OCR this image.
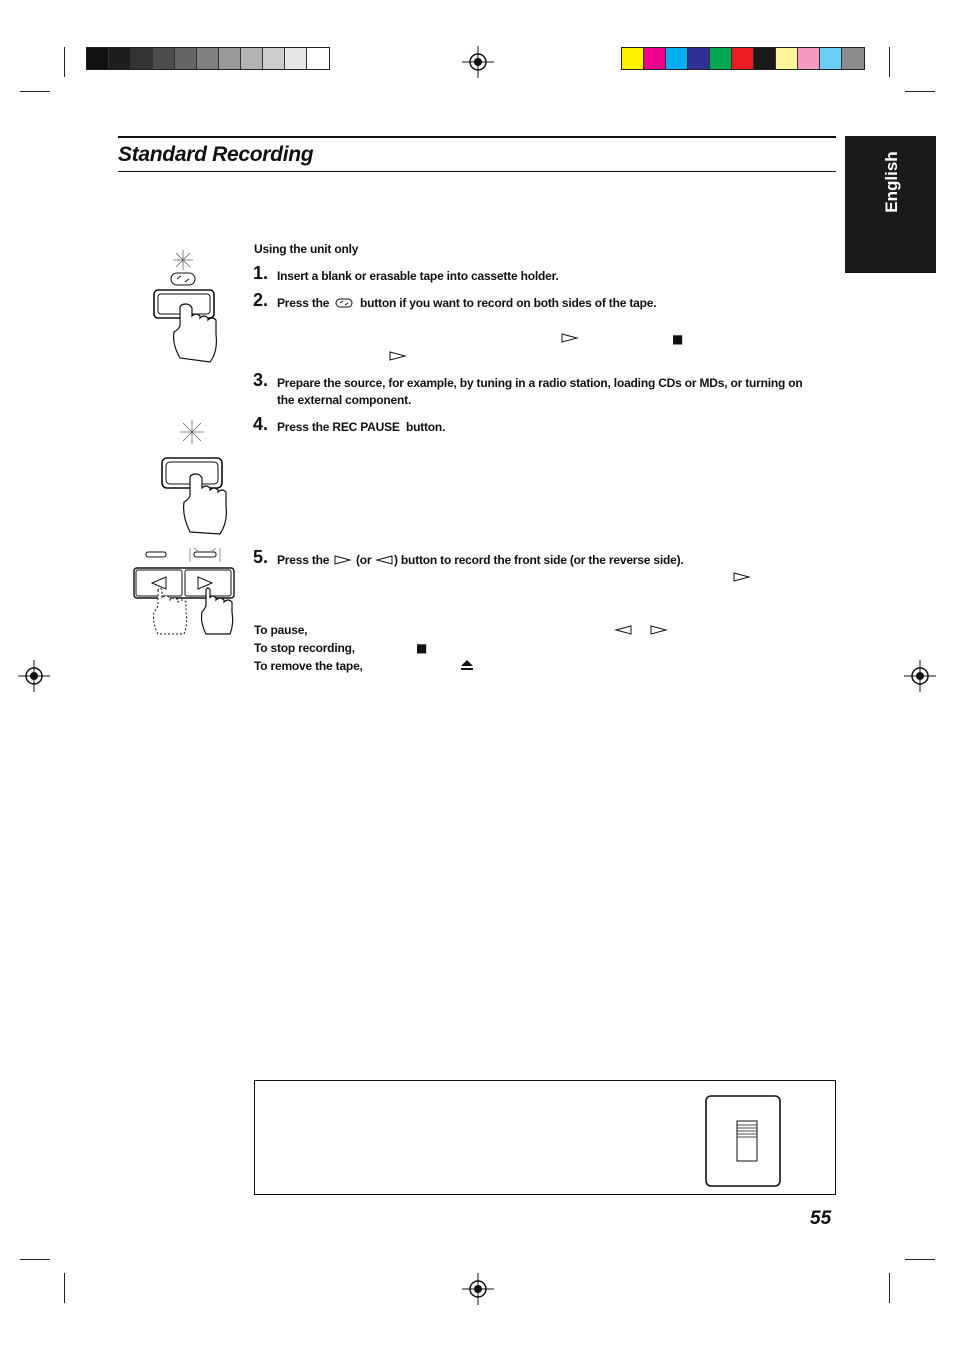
Standard Recording	English
Using the unit only
1. Insert a blank or erasable tape into cassette holder.
2. Press the	button if you want to record on both sides of the tape.
■
3. Prepare the source, for example, by tuning in a radio station, loading CDs or MDs, or turning on
the external component.
4. Press the REC PAUSE  button.
5. Press the (or ) button to record the front side (or the reverse side).
To pause,
To stop recording,	■
To remove the tape,
55
